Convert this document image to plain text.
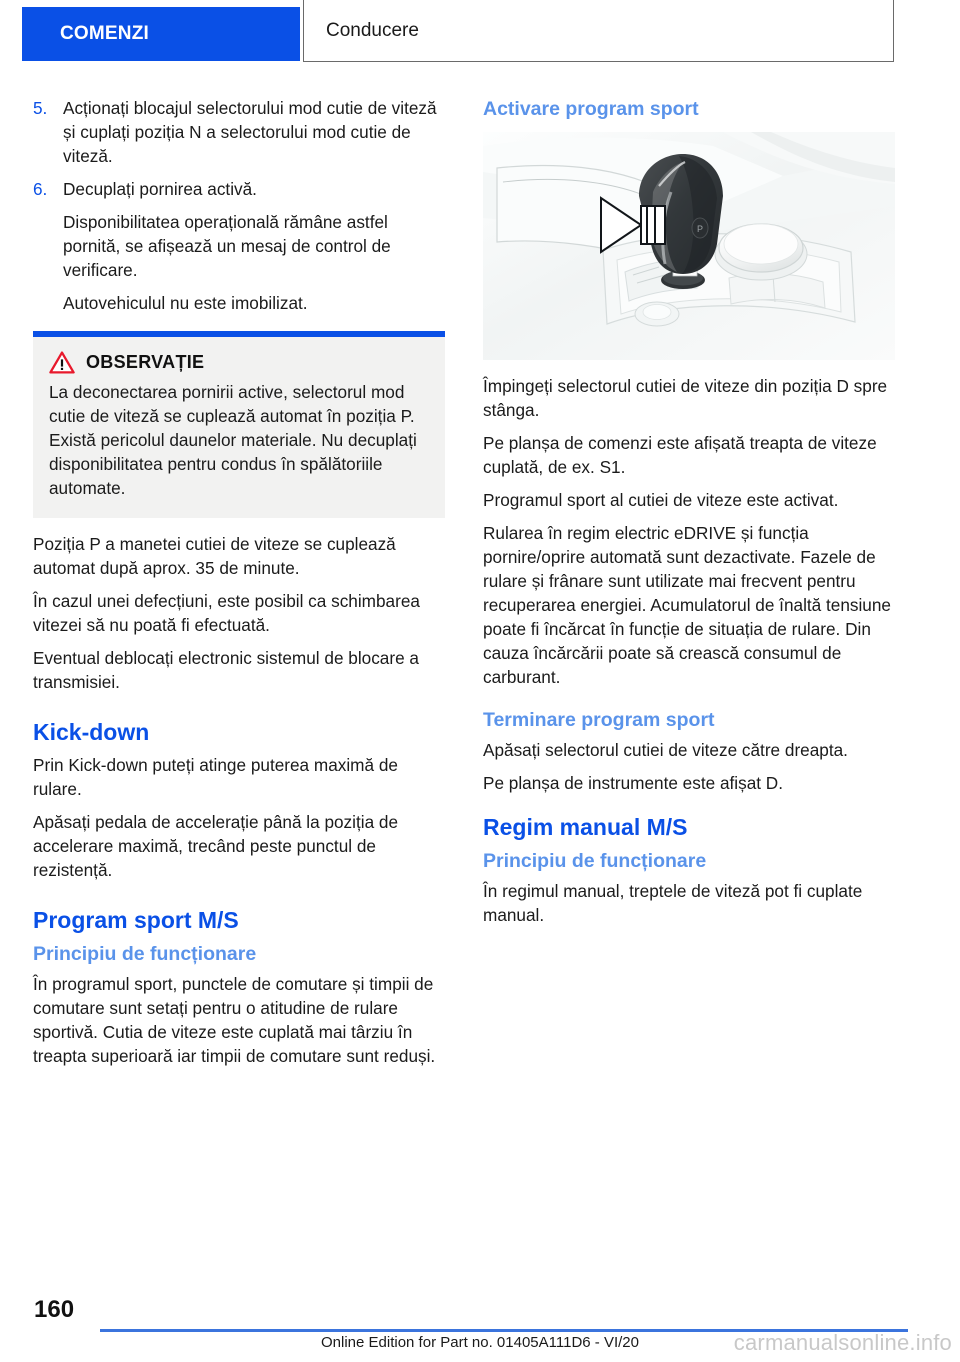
COMENZI	Conducere
5. Acționați blocajul selectorului mod cutie de viteză și cuplați poziția N a selectorului mod cutie de viteză.

6. Decuplați pornirea activă.

Disponibilitatea operațională rămâne astfel pornită, se afișează un mesaj de control de verificare.

Autovehiculul nu este imobilizat.

OBSERVAȚIE

La deconectarea pornirii active, selectorul mod cutie de viteză se cuplează automat în poziția P. Există pericolul daunelor materiale. Nu decuplați disponibilitatea pentru condus în spălătoriile automate.

Poziția P a manetei cutiei de viteze se cuplează automat după aprox. 35 de minute.

În cazul unei defecțiuni, este posibil ca schimbarea vitezei să nu poată fi efectuată.

Eventual deblocați electronic sistemul de blocare a transmisiei.

Kick-down

Prin Kick-down puteți atinge puterea maximă de rulare.

Apăsați pedala de accelerație până la poziția de accelerare maximă, trecând peste punctul de rezistență.

Program sport M/S
Principiu de funcționare

În programul sport, punctele de comutare și timpii de comutare sunt setați pentru o atitudine de rulare sportivă. Cutia de viteze este cuplată mai târziu în treapta superioară iar timpii de comutare sunt reduși.

Activare program sport
P

Împingeți selectorul cutiei de viteze din poziția D spre stânga.

Pe planșa de comenzi este afișată treapta de viteze cuplată, de ex. S1.

Programul sport al cutiei de viteze este activat.

Rularea în regim electric eDRIVE și funcția pornire/oprire automată sunt dezactivate. Fazele de rulare și frânare sunt utilizate mai frecvent pentru recuperarea energiei. Acumulatorul de înaltă tensiune poate fi încărcat în funcție de situația de rulare. Din cauza încărcării poate să crească consumul de carburant.

Terminare program sport

Apăsați selectorul cutiei de viteze către dreapta.

Pe planșa de instrumente este afișat D.

Regim manual M/S
Principiu de funcționare

În regimul manual, treptele de viteză pot fi cuplate manual.

160
Online Edition for Part no. 01405A111D6 - VI/20	carmanualsonline.info
